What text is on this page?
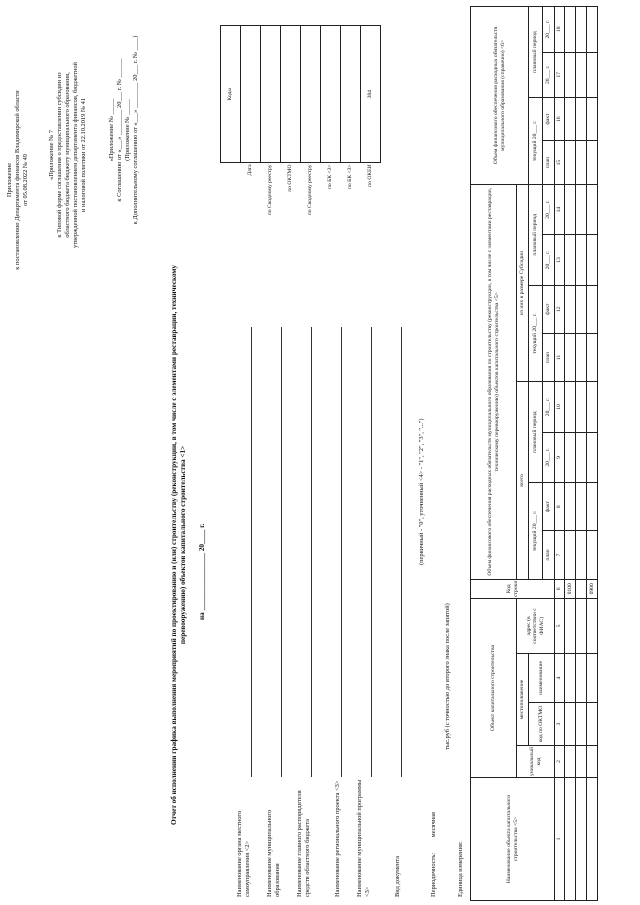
Приложение к постановлению Департамента финансов Владимирской области от 05.08.2022 № 49	«Приложение № 7 к Типовой форме соглашения о предоставлении субсидии из областного бюджета бюджету муниципального образования, утвержденной постановлением департамента финансов, бюджетной и налоговой политики от 22.10.2019 № 41	«Приложение № _____ к Соглашению от «___» ________ 20___ г. № ______ (Приложение № _____ к Дополнительному соглашению от «___» ________ 20___ г. № ____)
Отчет об исполнении графика выполнения мероприятий по проектированию и (или) строительству (реконструкции, в том числе с элементами реставрации, техническому перевооружению) объектов капитального строительства <1> на ________________ 20____ г.
Наименование органа местного самоуправления <2> Наименование муниципального образования Наименование главного распорядителя средств областного бюджета	Наименование регионального проекта <3> Наименование муниципальной программы <3>	Вид документа
(первичный - "0", уточненный <4> - "1", "2", "3", "...")
Периодичность: месячная
тыс.руб (с точностью до второго знака после запятой)
Единица измерения:
	Коды
Дата	
по Сводному реестру	
по ОКТМО	
по Сводному реестру	
по БК <3>	
по БК <3>	
по ОКЕИ	384
Наименование объекта капитального строительства <5>	Объект капитального строительства				Код строки	Объем финансового обеспечения расходных обязательств муниципального образования по строительству (реконструкции, в том числе с элементами реставрации, техническому перевооружению) объектов капитального строительства <5>								Объем финансового обеспечения расходных обязательств муниципального образования (справочно) <6>			
	уникальный код	местоположение		адрес (в соответствии с ФИАС)		всего				из них в размере Субсидии							
		код по ОКТМО	наименование			текущий 20___ г.		плановый период		текущий 20___ г.		плановый период		текущий 20___ г.		плановый период	
						план	факт	20___ г.	20___ г.	план	факт	20___ г.	20___ г.	план	факт	20___ г.	20___ г.
1	2	3	4	5	6	7	8	9	10	11	12	13	14	15	16	17	18
					0100												

					0900												
